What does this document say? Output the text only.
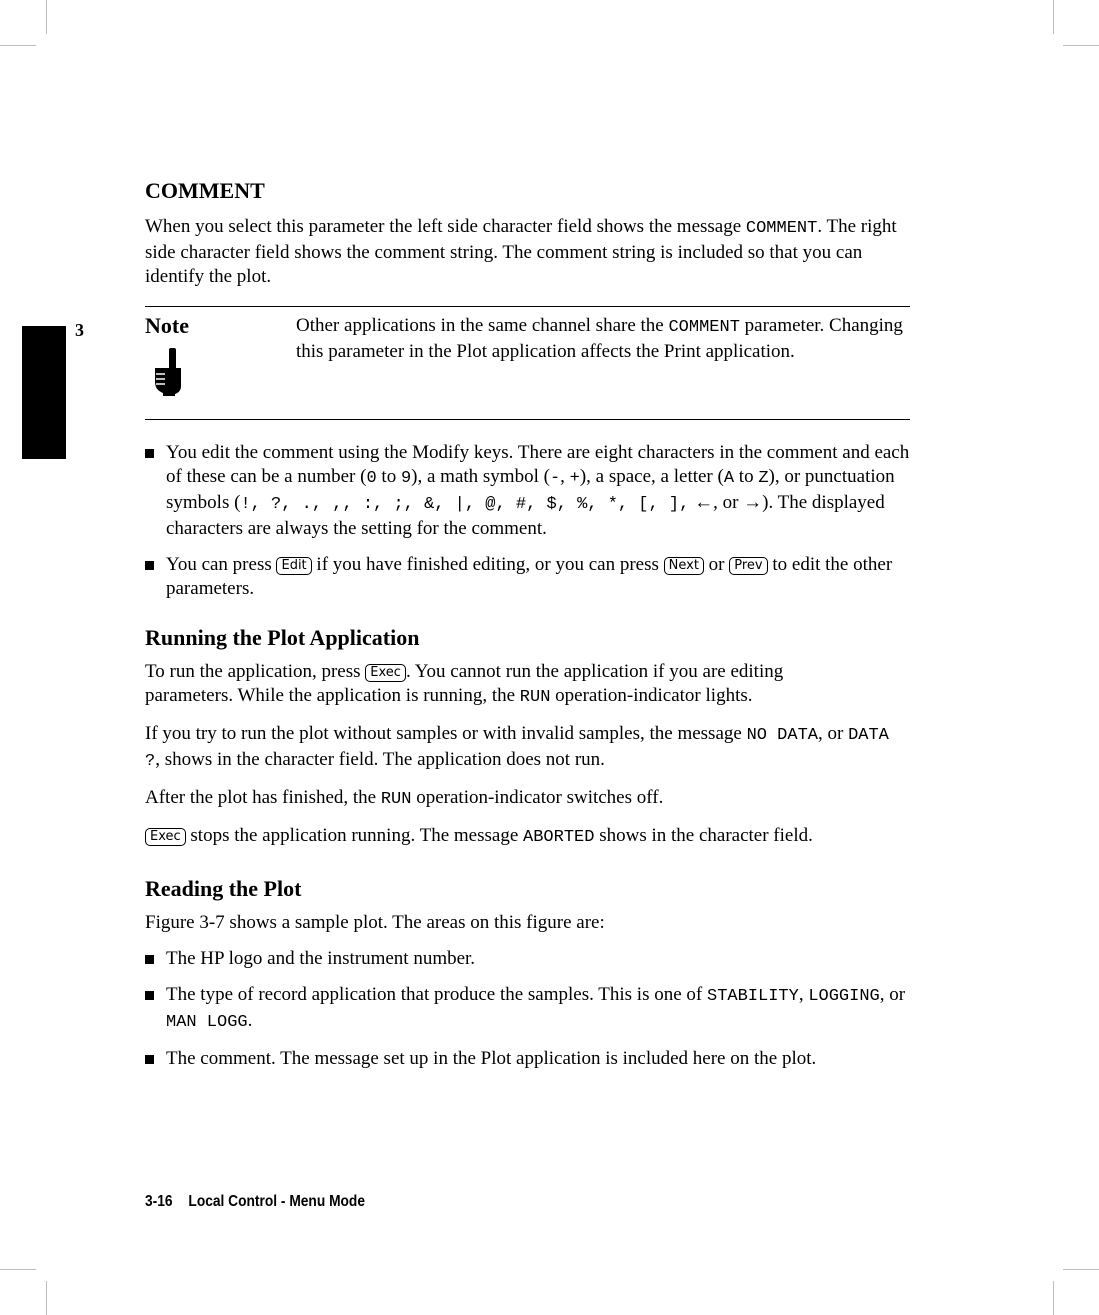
3
COMMENT

When you select this parameter the left side character field shows the message COMMENT. The right side character field shows the comment string. The comment string is included so that you can identify the plot.

Note	Other applications in the same channel share the COMMENT parameter. Changing this parameter in the Plot application affects the Print application.
You edit the comment using the Modify keys. There are eight characters in the comment and each of these can be a number (0 to 9), a math symbol (-, +), a space, a letter (A to Z), or punctuation symbols (!, ?, ., ,, :, ;, &, |, @, #, $, %, *, [, ], ←, or →). The displayed characters are always the setting for the comment.
You can press Edit if you have finished editing, or you can press Next or Prev to edit the other parameters.
Running the Plot Application

To run the application, press Exec . You cannot run the application if you are editing parameters. While the application is running, the RUN operation-indicator lights.

If you try to run the plot without samples or with invalid samples, the message NO DATA, or DATA ?, shows in the character field. The application does not run.

After the plot has finished, the RUN operation-indicator switches off.

Exec stops the application running. The message ABORTED shows in the character field.

Reading the Plot

Figure 3-7 shows a sample plot. The areas on this figure are:

The HP logo and the instrument number.
The type of record application that produce the samples. This is one of STABILITY, LOGGING, or MAN LOGG.
The comment. The message set up in the Plot application is included here on the plot.
3-16 Local Control - Menu Mode
